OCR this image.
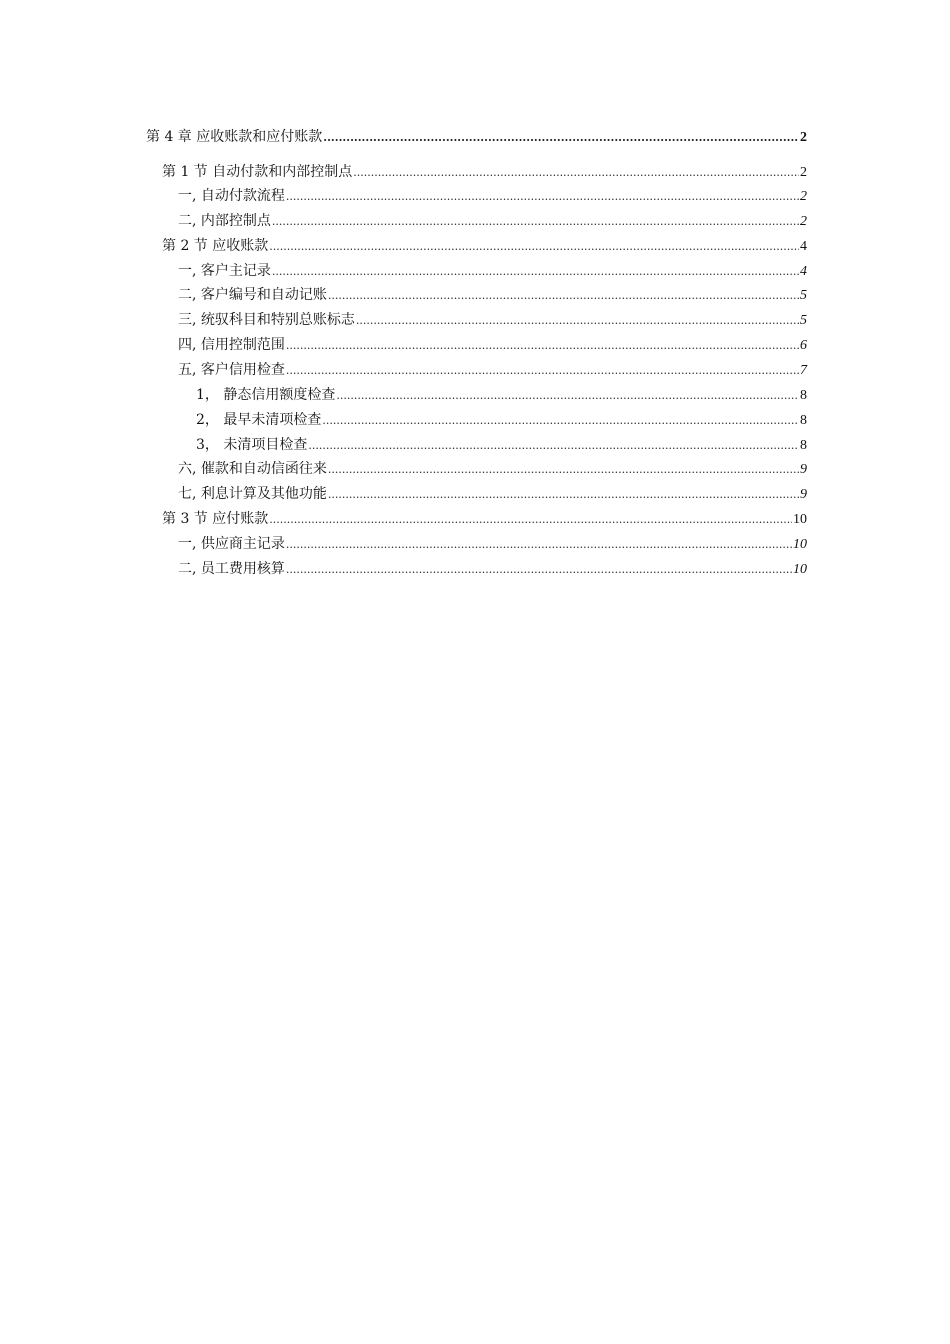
第 4 章 应收账款和应付账款 .....	2
第 1 节 自动付款和内部控制点 .....	2
一, 自动付款流程 .....	2
二, 内部控制点 .....	2
第 2 节 应收账款 .....	4
一, 客户主记录 .....	4
二, 客户编号和自动记账 .....	5
三, 统驭科目和特别总账标志 .....	5
四, 信用控制范围 .....	6
五, 客户信用检查 .....	7
1， 静态信用额度检查 .....	8
2， 最早未清项检查 .....	8
3， 未清项目检查 .....	8
六, 催款和自动信函往来 .....	9
七, 利息计算及其他功能 .....	9
第 3 节 应付账款 .....	10
一, 供应商主记录 .....	10
二, 员工费用核算 .....	10
